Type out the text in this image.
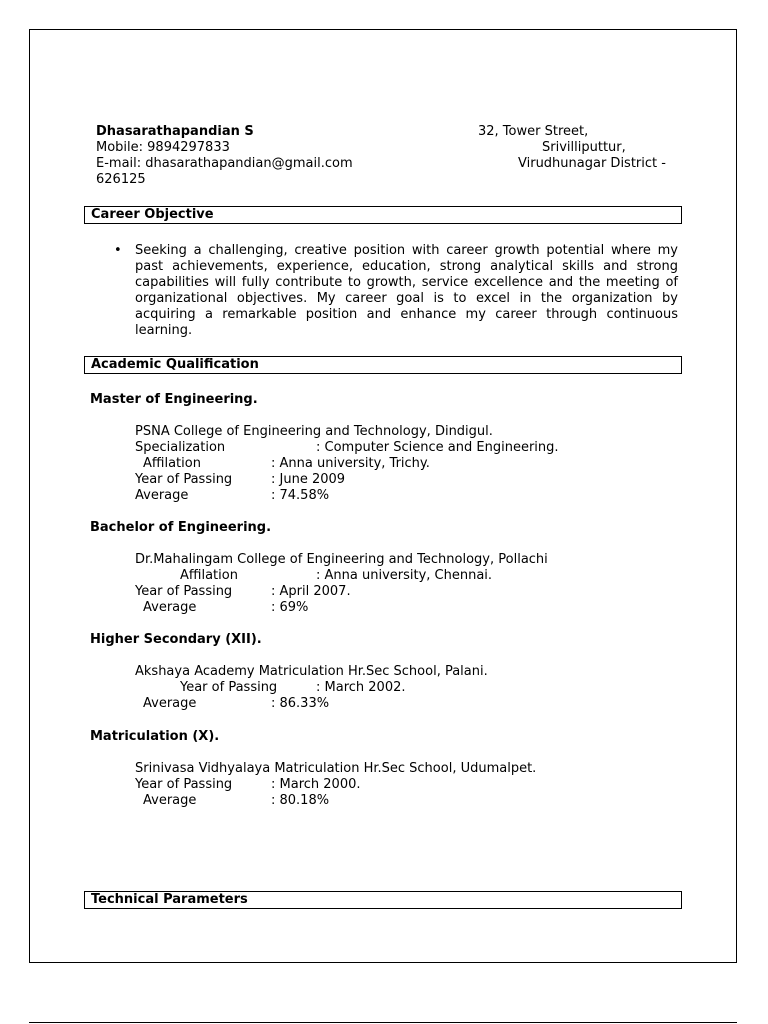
Dhasarathapandian S
Mobile: 9894297833
E-mail: dhasarathapandian@gmail.com
626125
32, Tower Street,
Srivilliputtur,
Virudhunagar District -
Career Objective
• Seeking a challenging, creative position with career growth potential where my past achievements, experience, education, strong analytical skills and strong capabilities will fully contribute to growth, service excellence and the meeting of organizational objectives. My career goal is to excel in the organization by acquiring a remarkable position and enhance my career through continuous learning.
Academic Qualification
Master of Engineering.
PSNA College of Engineering and Technology, Dindigul.
Specialization	: Computer Science and Engineering.
Affilation	: Anna university, Trichy.
Year of Passing	: June 2009
Average	: 74.58%
Bachelor of Engineering.
Dr.Mahalingam College of Engineering and Technology, Pollachi
Affilation	: Anna university, Chennai.
Year of Passing	: April 2007.
Average	: 69%
Higher Secondary (XII).
Akshaya Academy Matriculation Hr.Sec School, Palani.
Year of Passing	: March 2002.
Average	: 86.33%
Matriculation (X).
Srinivasa Vidhyalaya Matriculation Hr.Sec School, Udumalpet.
Year of Passing	: March 2000.
Average	: 80.18%
Technical Parameters
